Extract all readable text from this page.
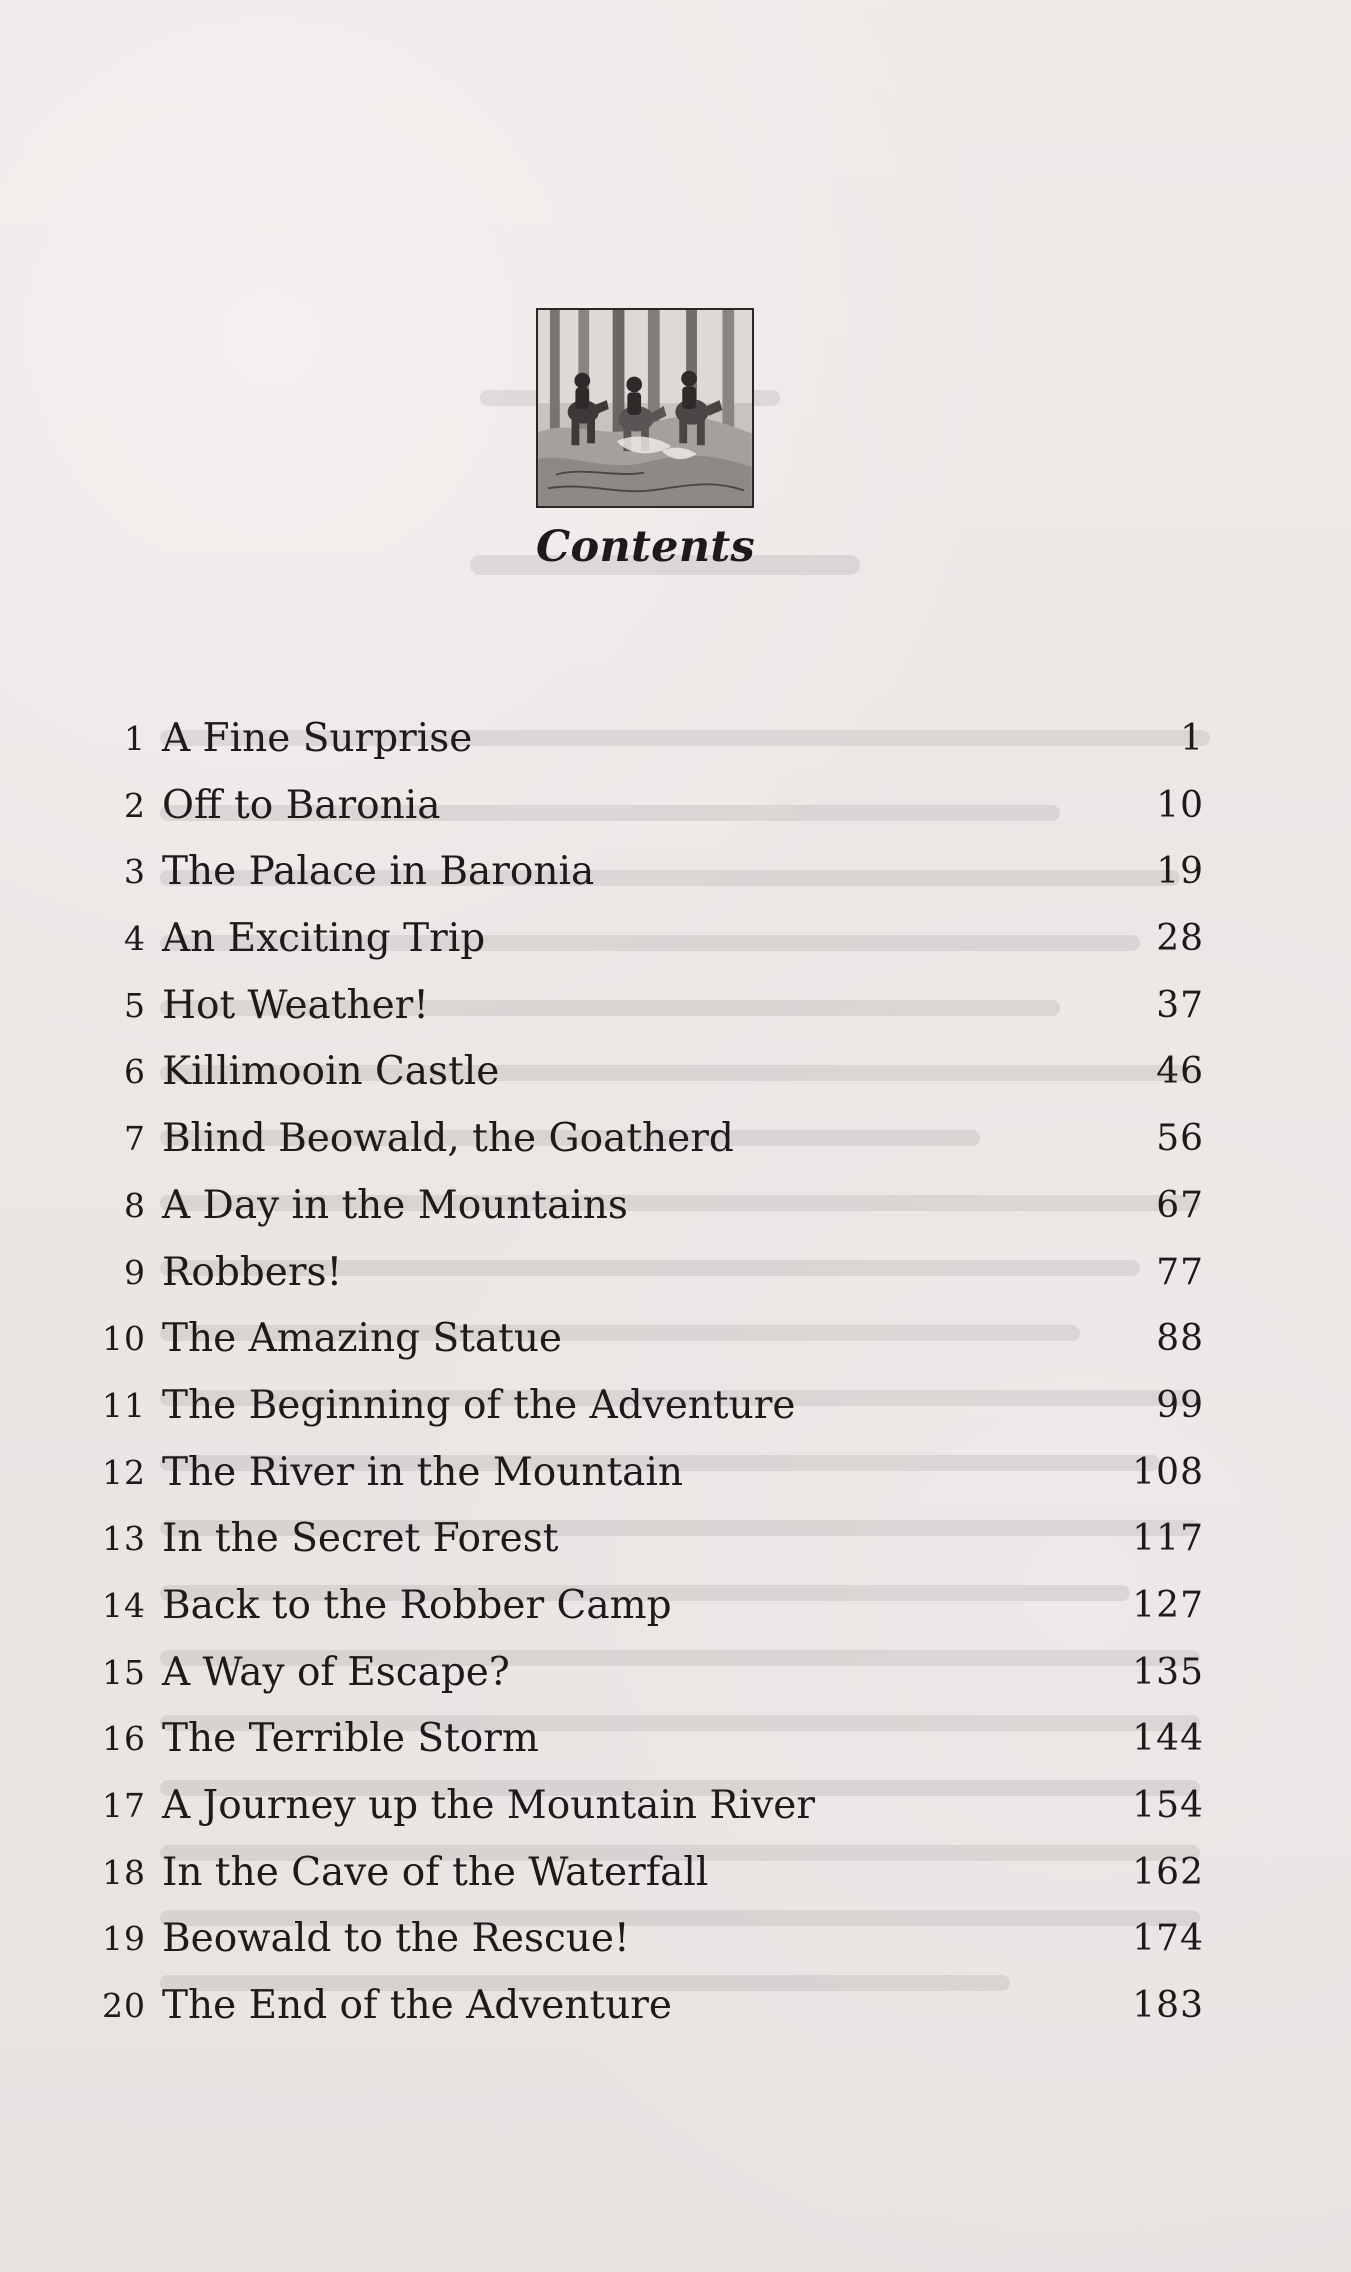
Contents
1 A Fine Surprise	1
2 Off to Baronia	10
3 The Palace in Baronia	19
4 An Exciting Trip	28
5 Hot Weather!	37
6 Killimooin Castle	46
7 Blind Beowald, the Goatherd	56
8 A Day in the Mountains	67
9 Robbers!	77
10 The Amazing Statue	88
11 The Beginning of the Adventure	99
12 The River in the Mountain	108
13 In the Secret Forest	117
14 Back to the Robber Camp	127
15 A Way of Escape?	135
16 The Terrible Storm	144
17 A Journey up the Mountain River	154
18 In the Cave of the Waterfall	162
19 Beowald to the Rescue!	174
20 The End of the Adventure	183
